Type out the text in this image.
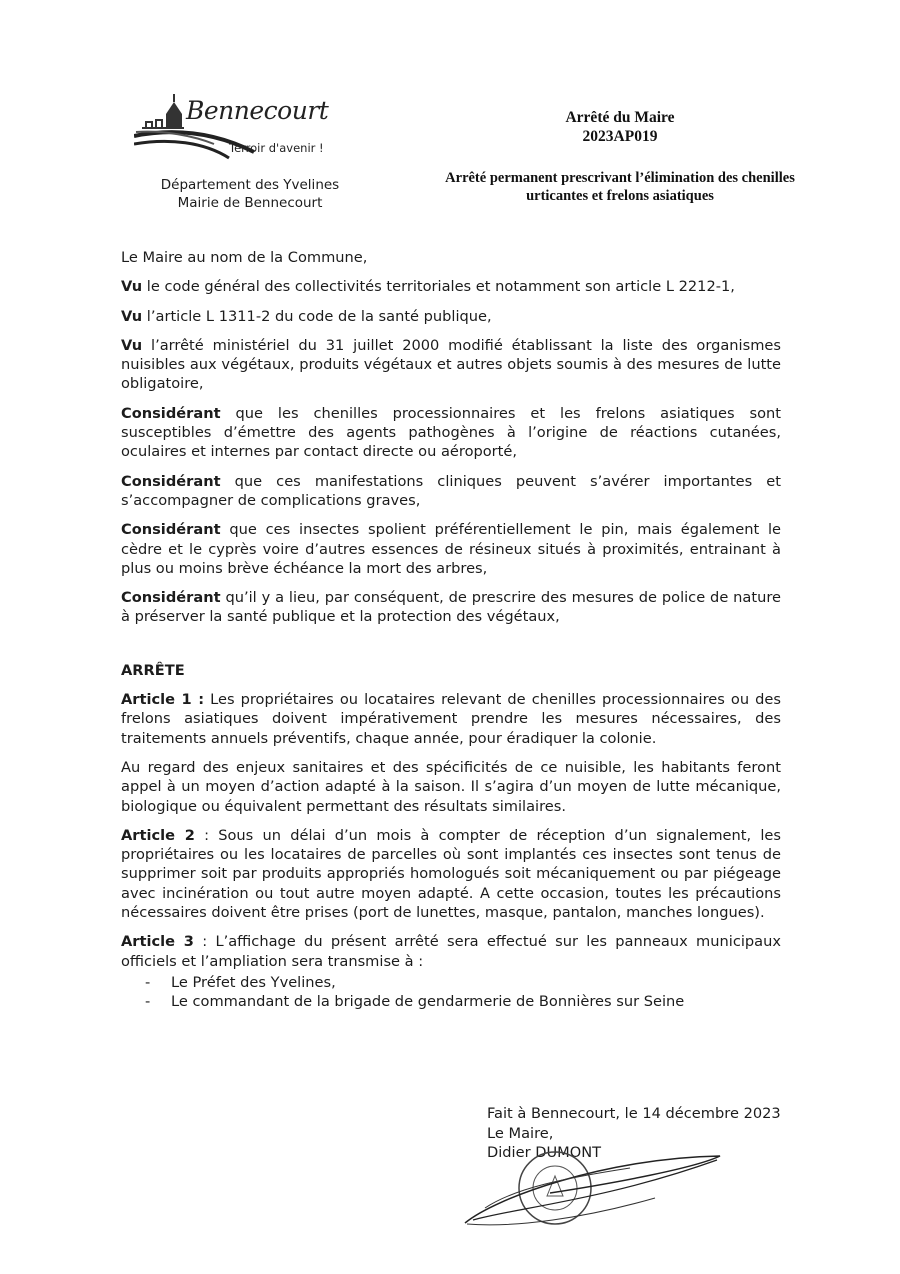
Bennecourt
Terroir d'avenir !
Département des Yvelines
Mairie de Bennecourt
Arrêté du Maire
2023AP019
Arrêté permanent prescrivant l’élimination des chenilles urticantes et frelons asiatiques

Le Maire au nom de la Commune,

Vu le code général des collectivités territoriales et notamment son article L 2212-1,

Vu l’article L 1311-2 du code de la santé publique,

Vu l’arrêté ministériel du 31 juillet 2000 modifié établissant la liste des organismes nuisibles aux végétaux, produits végétaux et autres objets soumis à des mesures de lutte obligatoire,

Considérant que les chenilles processionnaires et les frelons asiatiques sont susceptibles d’émettre des agents pathogènes à l’origine de réactions cutanées, oculaires et internes par contact directe ou aéroporté,

Considérant que ces manifestations cliniques peuvent s’avérer importantes et s’accompagner de complications graves,

Considérant que ces insectes spolient préférentiellement le pin, mais également le cèdre et le cyprès voire d’autres essences de résineux situés à proximités, entrainant à plus ou moins brève échéance la mort des arbres,

Considérant qu’il y a lieu, par conséquent, de prescrire des mesures de police de nature à préserver la santé publique et la protection des végétaux,

ARRÊTE

Article 1 : Les propriétaires ou locataires relevant de chenilles processionnaires ou des frelons asiatiques doivent impérativement prendre les mesures nécessaires, des traitements annuels préventifs, chaque année, pour éradiquer la colonie.

Au regard des enjeux sanitaires et des spécificités de ce nuisible, les habitants feront appel à un moyen d’action adapté à la saison. Il s’agira d’un moyen de lutte mécanique, biologique ou équivalent permettant des résultats similaires.

Article 2 : Sous un délai d’un mois à compter de réception d’un signalement, les propriétaires ou les locataires de parcelles où sont implantés ces insectes sont tenus de supprimer soit par produits appropriés homologués soit mécaniquement ou par piégeage avec incinération ou tout autre moyen adapté. A cette occasion, toutes les précautions nécessaires doivent être prises (port de lunettes, masque, pantalon, manches longues).

Article 3 : L’affichage du présent arrêté sera effectué sur les panneaux municipaux officiels et l’ampliation sera transmise à :

- Le Préfet des Yvelines,
- Le commandant de la brigade de gendarmerie de Bonnières sur Seine
Fait à Bennecourt, le 14 décembre 2023
Le Maire,
Didier DUMONT
